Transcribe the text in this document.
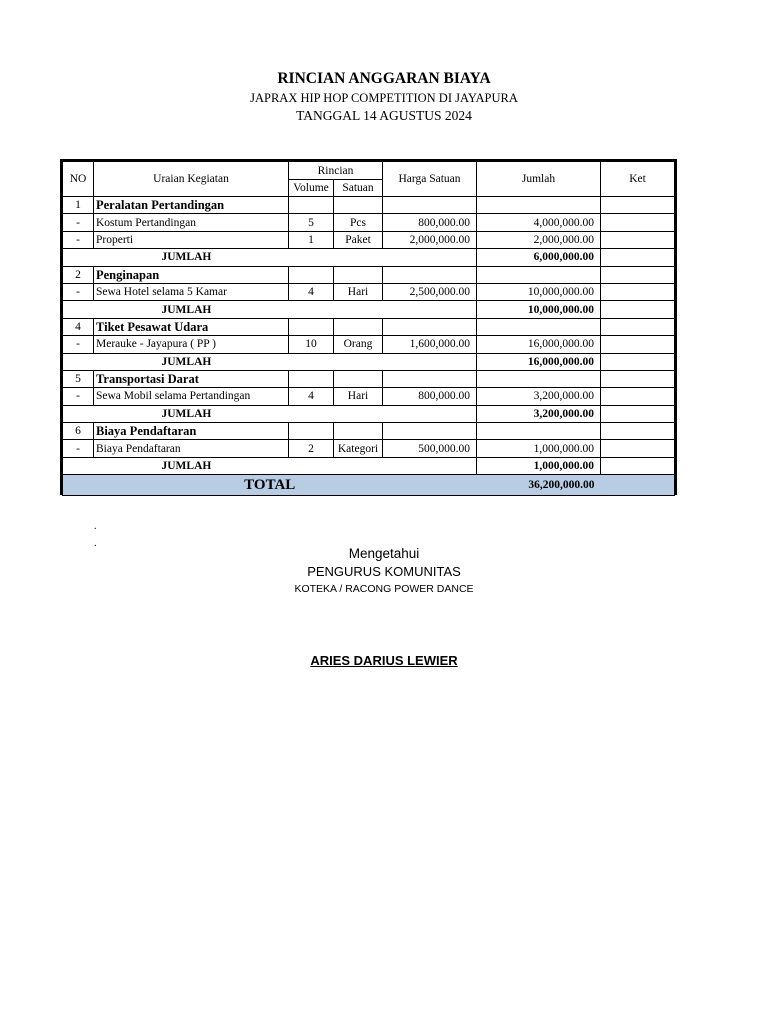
RINCIAN ANGGARAN BIAYA
JAPRAX HIP HOP COMPETITION DI JAYAPURA
TANGGAL 14 AGUSTUS 2024
NO	Uraian Kegiatan	Rincian		Harga Satuan	Jumlah	Ket
		Volume	Satuan			
1	Peralatan Pertandingan					
-	Kostum Pertandingan	5	Pcs	800,000.00	4,000,000.00	
-	Properti	1	Paket	2,000,000.00	2,000,000.00	
	JUMLAH				6,000,000.00	
2	Penginapan					
-	Sewa Hotel selama 5 Kamar	4	Hari	2,500,000.00	10,000,000.00	
	JUMLAH				10,000,000.00	
4	Tiket Pesawat Udara					
-	Merauke - Jayapura ( PP )	10	Orang	1,600,000.00	16,000,000.00	
	JUMLAH				16,000,000.00	
5	Transportasi Darat					
-	Sewa Mobil selama Pertandingan	4	Hari	800,000.00	3,200,000.00	
	JUMLAH				3,200,000.00	
6	Biaya Pendaftaran					
-	Biaya Pendaftaran	2	Kategori	500,000.00	1,000,000.00	
	JUMLAH				1,000,000.00	
TOTAL					36,200,000.00	
.
.
Mengetahui
PENGURUS KOMUNITAS
KOTEKA / RACONG POWER DANCE
ARIES DARIUS LEWIER
